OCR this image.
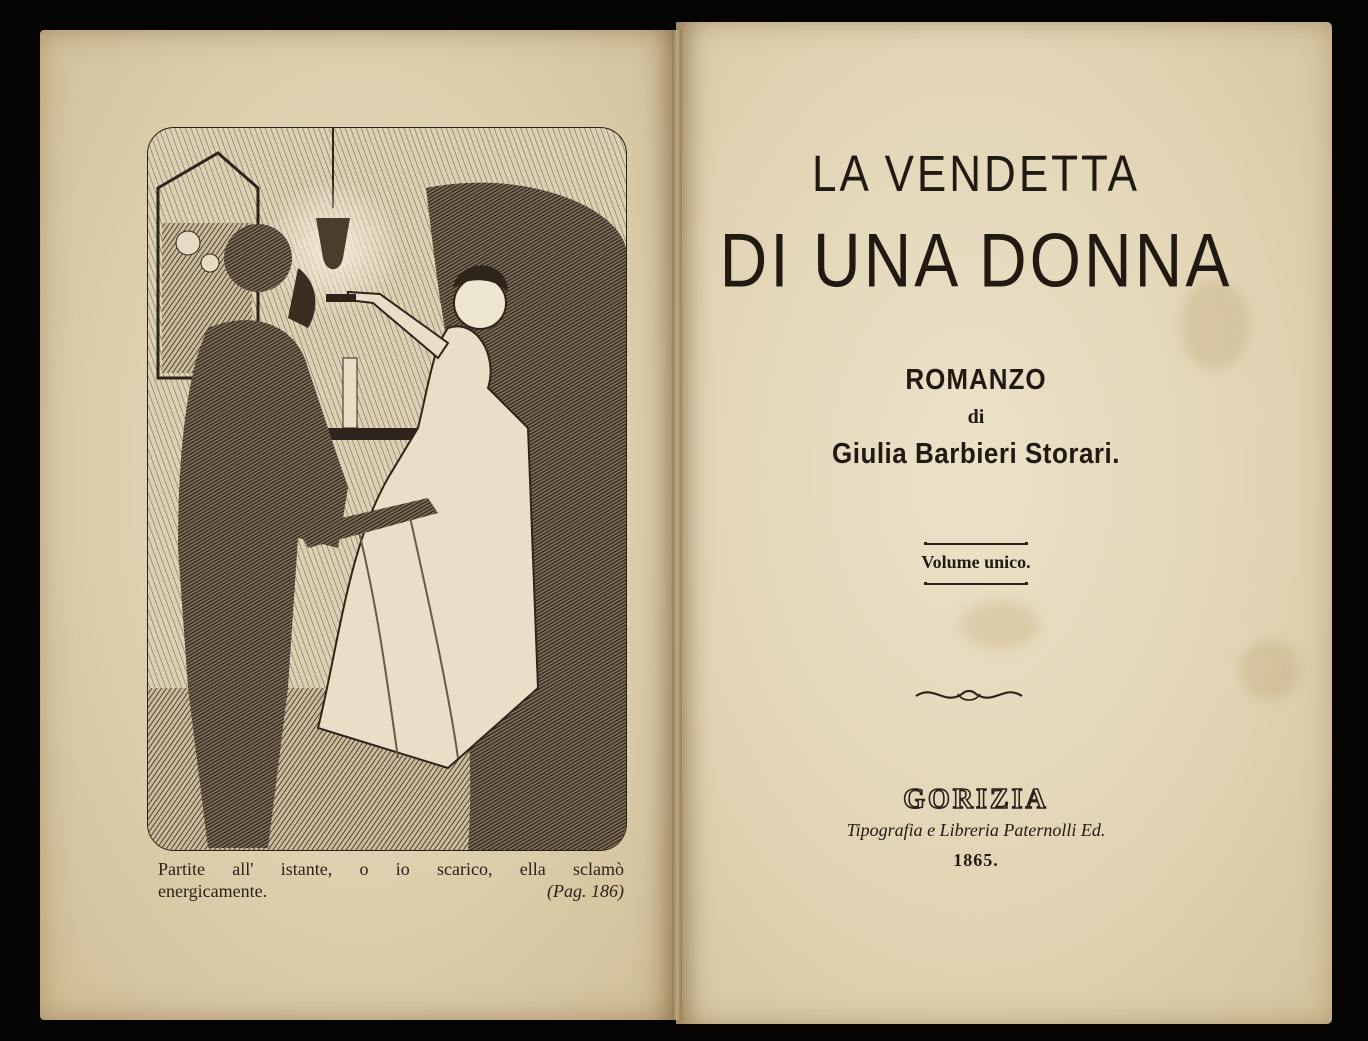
Partite all' istante, o io scarico, ella sclamò
energicamente.	(Pag. 186)
LA VENDETTA
DI UNA DONNA
ROMANZO
di
Giulia Barbieri Storari.
Volume unico.
GORIZIA
Tipografia e Libreria Paternolli Ed.
1865.
